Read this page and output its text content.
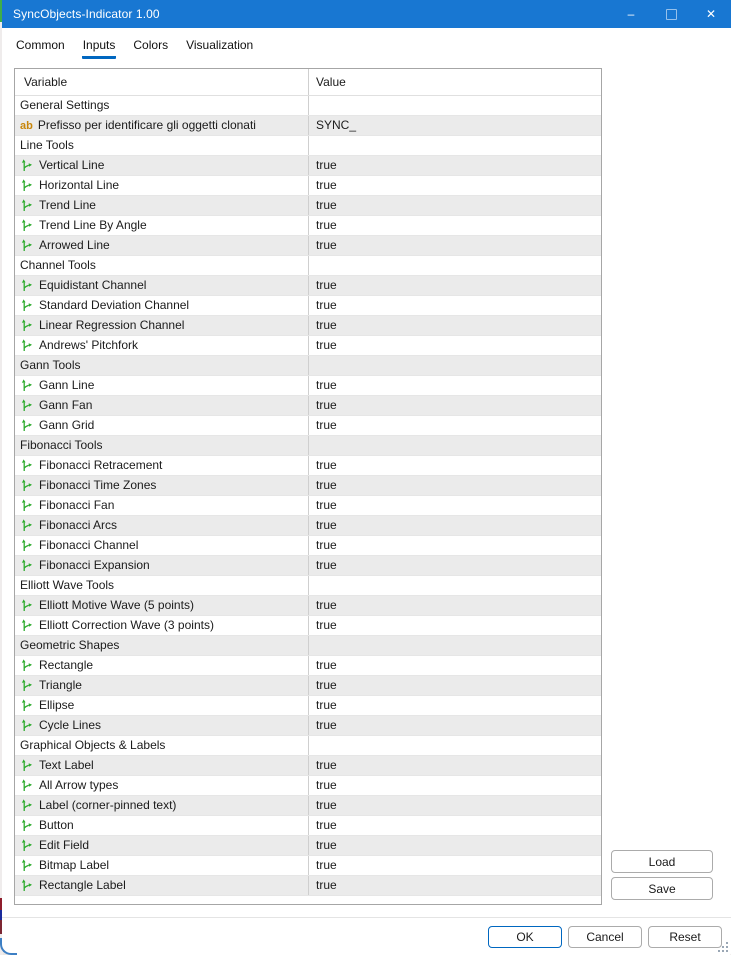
SyncObjects-Indicator 1.00	–	✕
Common Inputs Colors Visualization
Variable	Value
General Settings
ab Prefisso per identificare gli oggetti clonati	SYNC_
Line Tools
Vertical Line	true
Horizontal Line	true
Trend Line	true
Trend Line By Angle	true
Arrowed Line	true
Channel Tools
Equidistant Channel	true
Standard Deviation Channel	true
Linear Regression Channel	true
Andrews' Pitchfork	true
Gann Tools
Gann Line	true
Gann Fan	true
Gann Grid	true
Fibonacci Tools
Fibonacci Retracement	true
Fibonacci Time Zones	true
Fibonacci Fan	true
Fibonacci Arcs	true
Fibonacci Channel	true
Fibonacci Expansion	true
Elliott Wave Tools
Elliott Motive Wave (5 points)	true
Elliott Correction Wave (3 points)	true
Geometric Shapes
Rectangle	true
Triangle	true
Ellipse	true
Cycle Lines	true
Graphical Objects & Labels
Text Label	true
All Arrow types	true
Label (corner-pinned text)	true
Button	true
Edit Field	true
Bitmap Label	true
Rectangle Label	true
Load
Save
OK	Cancel	Reset
